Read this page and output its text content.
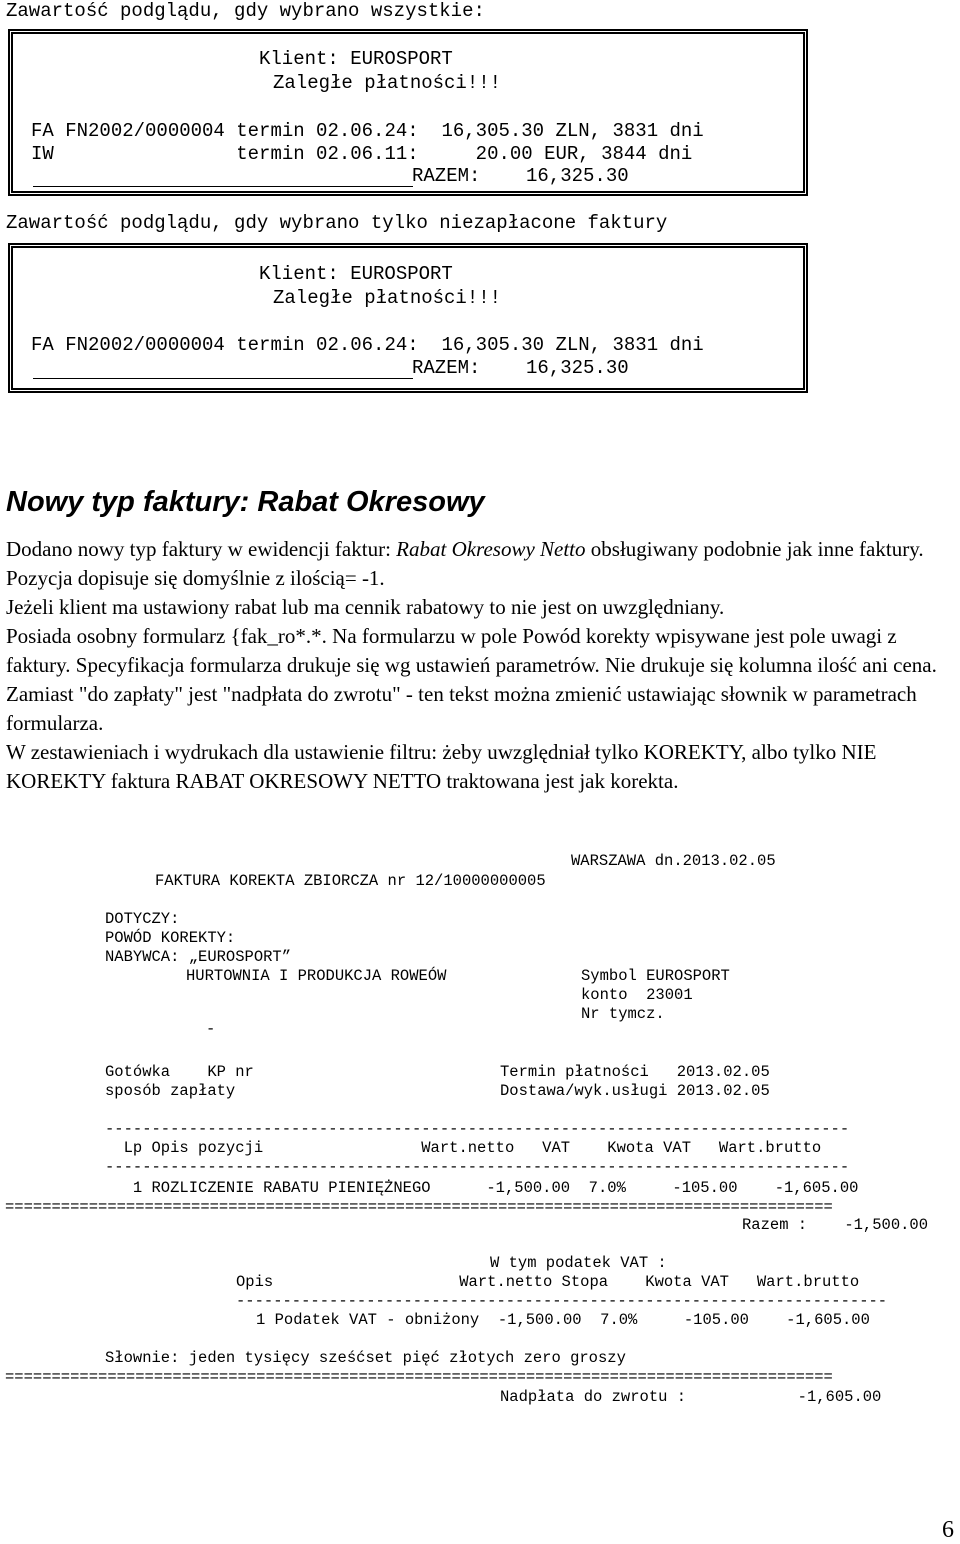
Zawartość podglądu, gdy wybrano wszystkie:
Klient: EUROSPORT
Zaległe płatności!!!
FA FN2002/0000004 termin 02.06.24:  16,305.30 ZLN, 3831 dni
IW                termin 02.06.11:     20.00 EUR, 3844 dni
RAZEM:    16,325.30
Zawartość podglądu, gdy wybrano tylko niezapłacone faktury
Klient: EUROSPORT
Zaległe płatności!!!
FA FN2002/0000004 termin 02.06.24:  16,305.30 ZLN, 3831 dni
RAZEM:    16,325.30
Nowy typ faktury: Rabat Okresowy

Dodano nowy typ faktury w ewidencji faktur: Rabat Okresowy Netto obsługiwany podobnie jak inne faktury. Pozycja dopisuje się domyślnie z ilością= -1.

Jeżeli klient ma ustawiony rabat lub ma cennik rabatowy to nie jest on uwzględniany.

Posiada osobny formularz {fak_ro*.*. Na formularzu w pole Powód korekty wpisywane jest pole uwagi z faktury. Specyfikacja formularza drukuje się wg ustawień parametrów. Nie drukuje się kolumna ilość ani cena. Zamiast "do zapłaty" jest "nadpłata do zwrotu" - ten tekst można zmienić ustawiając słownik w parametrach formularza.

W zestawieniach i wydrukach dla ustawienie filtru: żeby uwzględniał tylko KOREKTY, albo tylko NIE KOREKTY faktura RABAT OKRESOWY NETTO traktowana jest jak korekta.

WARSZAWA dn.2013.02.05
FAKTURA KOREKTA ZBIORCZA nr 12/10000000005
DOTYCZY:
POWÓD KOREKTY:
NABYWCA: „EUROSPORT”
HURTOWNIA I PRODUKCJA ROWEÓW	Symbol EUROSPORT
konto  23001
Nr tymcz.
-
Gotówka    KP nr
sposób zapłaty
Termin płatności   2013.02.05
Dostawa/wyk.usługi 2013.02.05
--------------------------------------------------------------------------------
Lp Opis pozycji                 Wart.netto   VAT    Kwota VAT   Wart.brutto
--------------------------------------------------------------------------------
1 ROZLICZENIE RABATU PIENIĘŻNEGO      -1,500.00  7.0%     -105.00    -1,605.00
=========================================================================================
Razem :    -1,500.00
W tym podatek VAT :
Opis                    Wart.netto Stopa    Kwota VAT   Wart.brutto
----------------------------------------------------------------------
1 Podatek VAT - obniżony  -1,500.00  7.0%     -105.00    -1,605.00
Słownie: jeden tysięcy sześćset pięć złotych zero groszy
=========================================================================================
Nadpłata do zwrotu :            -1,605.00
6
